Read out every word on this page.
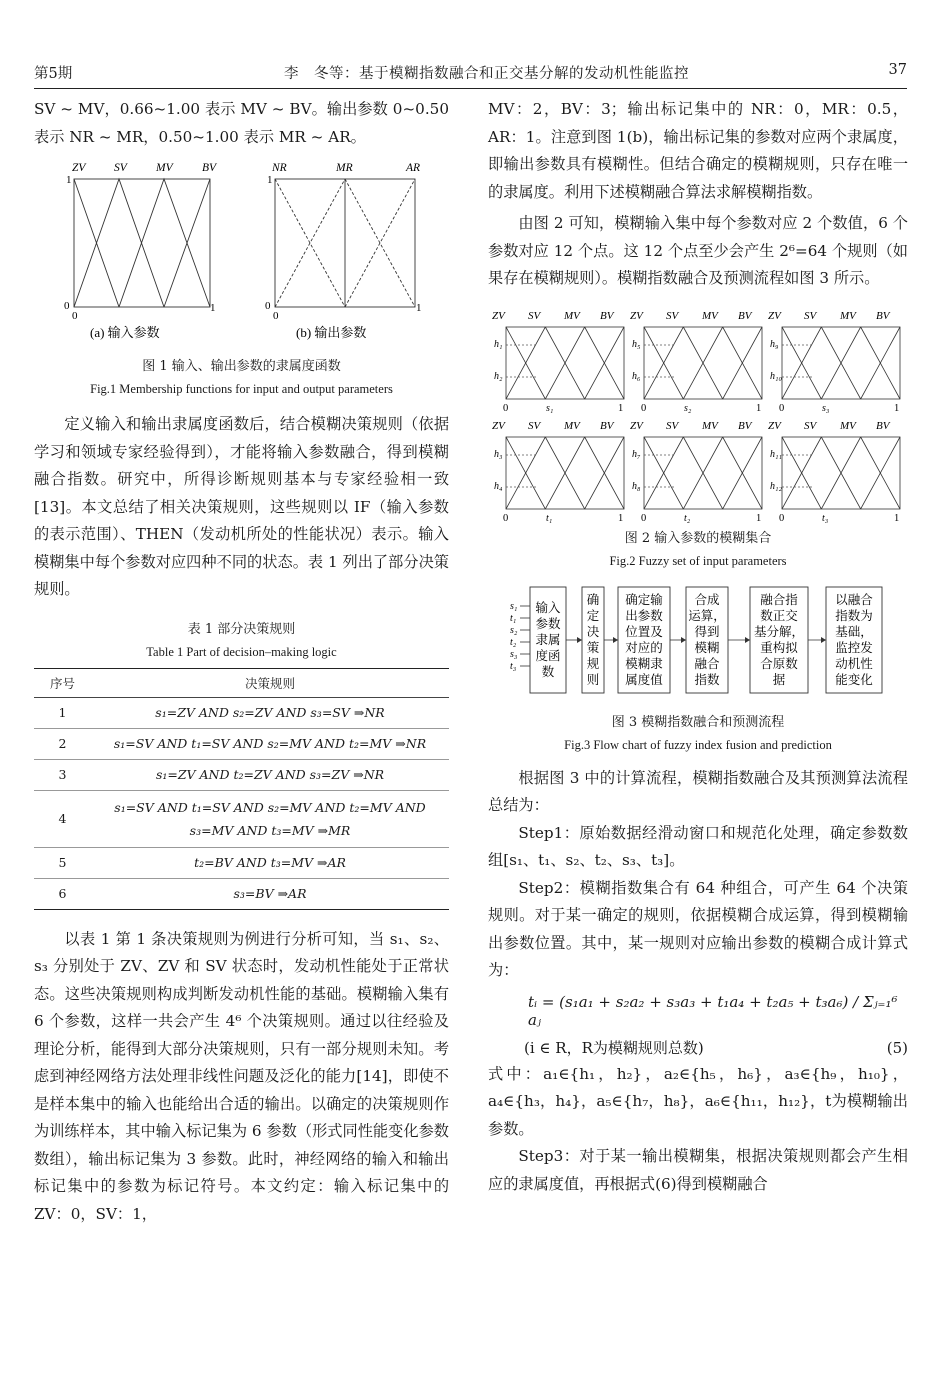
第5期	李　冬等：基于模糊指数融合和正交基分解的发动机性能监控	37

SV ~ MV，0.66~1.00 表示 MV ~ BV。输出参数 0~0.50 表示 NR ~ MR，0.50~1.00 表示 MR ~ AR。

ZV SV	MV	BV	NR	MR	AR
1
0
0
1
1
0
0
1
(a) 输入参数	(b) 输出参数
图 1 输入、输出参数的隶属度函数
Fig.1 Membership functions for input and output parameters

定义输入和输出隶属度函数后，结合模糊决策规则（依据学习和领域专家经验得到），才能将输入参数融合，得到模糊融合指数。研究中，所得诊断规则基本与专家经验相一致[13]。本文总结了相关决策规则，这些规则以 IF（输入参数的表示范围）、THEN（发动机所处的性能状况）表示。输入模糊集中每个参数对应四种不同的状态。表 1 列出了部分决策规则。

表 1 部分决策规则
Table 1 Part of decision–making logic
序号	决策规则
1	s₁=ZV AND s₂=ZV AND s₃=SV ⇒NR
2	s₁=SV AND t₁=SV AND s₂=MV AND t₂=MV ⇒NR
3	s₁=ZV AND t₂=ZV AND s₃=ZV ⇒NR
4	s₁=SV AND t₁=SV AND s₂=MV AND t₂=MV AND
s₃=MV AND t₃=MV ⇒MR

5	t₂=BV AND t₃=MV ⇒AR
6	s₃=BV ⇒AR

以表 1 第 1 条决策规则为例进行分析可知，当 s₁、s₂、s₃ 分别处于 ZV、ZV 和 SV 状态时，发动机性能处于正常状态。这些决策规则构成判断发动机性能的基础。模糊输入集有 6 个参数，这样一共会产生 4⁶ 个决策规则。通过以往经验及理论分析，能得到大部分决策规则，只有一部分规则未知。考虑到神经网络方法处理非线性问题及泛化的能力[14]，即使不是样本集中的输入也能给出合适的输出。以确定的决策规则作为训练样本，其中输入标记集为 6 参数（形式同性能变化参数数组），输出标记集为 3 参数。此时，神经网络的输入和输出标记集中的参数为标记符号。本文约定：输入标记集中的 ZV：0，SV：1，

MV：2，BV：3；输出标记集中的 NR：0，MR：0.5，AR：1。注意到图 1(b)，输出标记集的参数对应两个隶属度，即输出参数具有模糊性。但结合确定的模糊规则，只存在唯一的隶属度。利用下述模糊融合算法求解模糊指数。

由图 2 可知，模糊输入集中每个参数对应 2 个数值，6 个参数对应 12 个点。这 12 个点至少会产生 2⁶=64 个规则（如果存在模糊规则）。模糊指数融合及预测流程如图 3 所示。

ZV SV MV BV
h₁
h₂
0	1
s₁
ZV SV MV BV
h₅
h₆
0	1
s₂
ZV SV MV BV
h₉
h₁₀
0	1
s₃
ZV SV MV BV
h₃
h₄
0	1
t₁
ZV SV MV BV
h₇
h₈
0	1
t₂
ZV SV MV BV
h₁₁
h₁₂
0	1
t₃
图 2 输入参数的模糊集合
Fig.2 Fuzzy set of input parameters
s₁
t₁
s₂
t₂
s₃
t₃
输入
参数
隶属
度函
数
确
定
决
策
规
则
确定输
出参数
位置及
对应的
模糊隶
属度值
合成
运算，
得到
模糊
融合
指数
融合指
数正交
基分解，
重构拟
合原数
据
以融合
指数为
基础，
监控发
动机性
能变化
图 3 模糊指数融合和预测流程
Fig.3 Flow chart of fuzzy index fusion and prediction

根据图 3 中的计算流程，模糊指数融合及其预测算法流程总结为：

Step1：原始数据经滑动窗口和规范化处理，确定参数数组[s₁、t₁、s₂、t₂、s₃、t₃]。

Step2：模糊指数集合有 64 种组合，可产生 64 个决策规则。对于某一确定的规则，依据模糊合成运算，得到模糊输出参数位置。其中，某一规则对应输出参数的模糊合成计算式为：

tᵢ = (s₁a₁ + s₂a₂ + s₃a₃ + t₁a₄ + t₂a₅ + t₃a₆) / Σⱼ₌₁⁶ aⱼ
(i ∈ R，R为模糊规则总数)	(5)

式中：a₁∈{h₁，h₂}，a₂∈{h₅，h₆}，a₃∈{h₉，h₁₀}，a₄∈{h₃，h₄}，a₅∈{h₇，h₈}，a₆∈{h₁₁，h₁₂}，t为模糊输出参数。

Step3：对于某一输出模糊集，根据决策规则都会产生相应的隶属度值，再根据式(6)得到模糊融合
